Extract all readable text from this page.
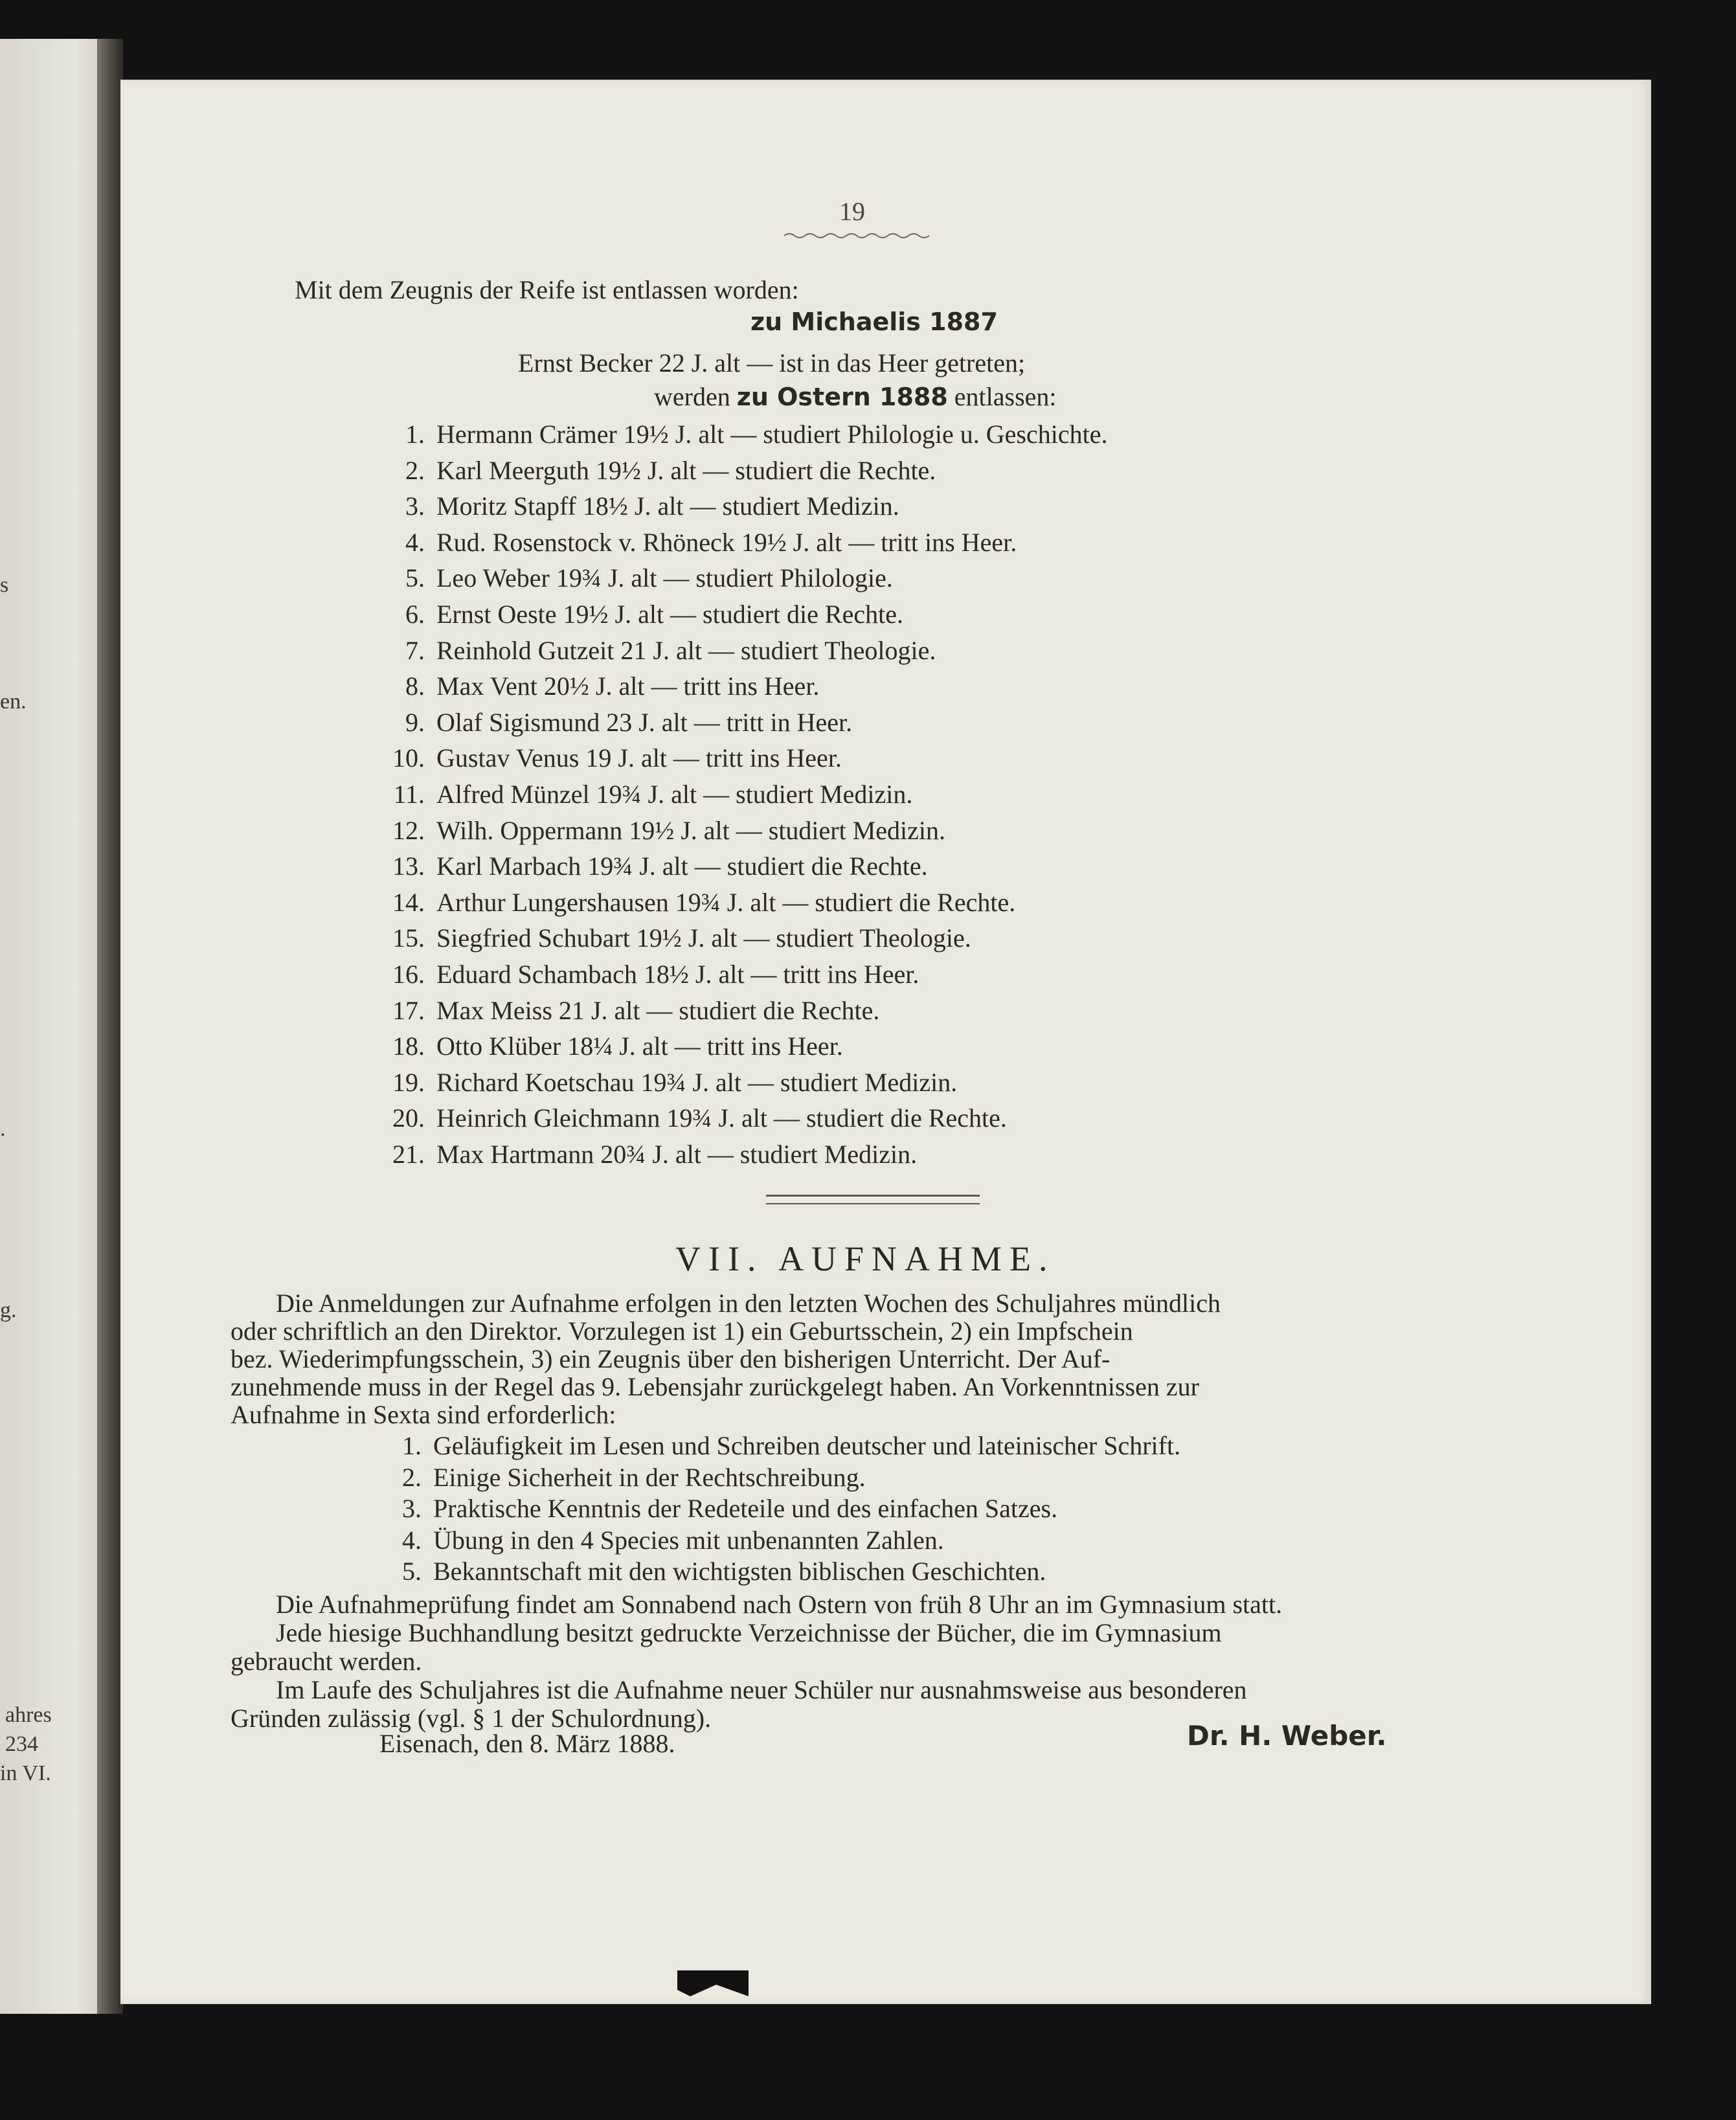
en.
s
.
g.
ahres
234
in VI.
19
Mit dem Zeugnis der Reife ist entlassen worden:
zu Michaelis 1887
Ernst Becker 22 J. alt — ist in das Heer getreten;
werden zu Ostern 1888 entlassen:
1. Hermann Crämer 19½ J. alt — studiert Philologie u. Geschichte.
2. Karl Meerguth 19½ J. alt — studiert die Rechte.
3. Moritz Stapff 18½ J. alt — studiert Medizin.
4. Rud. Rosenstock v. Rhöneck 19½ J. alt — tritt ins Heer.
5. Leo Weber 19¾ J. alt — studiert Philologie.
6. Ernst Oeste 19½ J. alt — studiert die Rechte.
7. Reinhold Gutzeit 21 J. alt — studiert Theologie.
8. Max Vent 20½ J. alt — tritt ins Heer.
9. Olaf Sigismund 23 J. alt — tritt in Heer.
10. Gustav Venus 19 J. alt — tritt ins Heer.
11. Alfred Münzel 19¾ J. alt — studiert Medizin.
12. Wilh. Oppermann 19½ J. alt — studiert Medizin.
13. Karl Marbach 19¾ J. alt — studiert die Rechte.
14. Arthur Lungershausen 19¾ J. alt — studiert die Rechte.
15. Siegfried Schubart 19½ J. alt — studiert Theologie.
16. Eduard Schambach 18½ J. alt — tritt ins Heer.
17. Max Meiss 21 J. alt — studiert die Rechte.
18. Otto Klüber 18¼ J. alt — tritt ins Heer.
19. Richard Koetschau 19¾ J. alt — studiert Medizin.
20. Heinrich Gleichmann 19¾ J. alt — studiert die Rechte.
21. Max Hartmann 20¾ J. alt — studiert Medizin.
VII. AUFNAHME.
Die Anmeldungen zur Aufnahme erfolgen in den letzten Wochen des Schuljahres mündlich
oder schriftlich an den Direktor. Vorzulegen ist 1) ein Geburtsschein, 2) ein Impfschein
bez. Wiederimpfungsschein, 3) ein Zeugnis über den bisherigen Unterricht. Der Auf-
zunehmende muss in der Regel das 9. Lebensjahr zurückgelegt haben. An Vorkenntnissen zur
Aufnahme in Sexta sind erforderlich:
1. Geläufigkeit im Lesen und Schreiben deutscher und lateinischer Schrift.
2. Einige Sicherheit in der Rechtschreibung.
3. Praktische Kenntnis der Redeteile und des einfachen Satzes.
4. Übung in den 4 Species mit unbenannten Zahlen.
5. Bekanntschaft mit den wichtigsten biblischen Geschichten.
Die Aufnahmeprüfung findet am Sonnabend nach Ostern von früh 8 Uhr an im Gymnasium statt.
Jede hiesige Buchhandlung besitzt gedruckte Verzeichnisse der Bücher, die im Gymnasium
gebraucht werden.
Im Laufe des Schuljahres ist die Aufnahme neuer Schüler nur ausnahmsweise aus besonderen
Gründen zulässig (vgl. § 1 der Schulordnung).
Eisenach, den 8. März 1888.	Dr. H. Weber.
